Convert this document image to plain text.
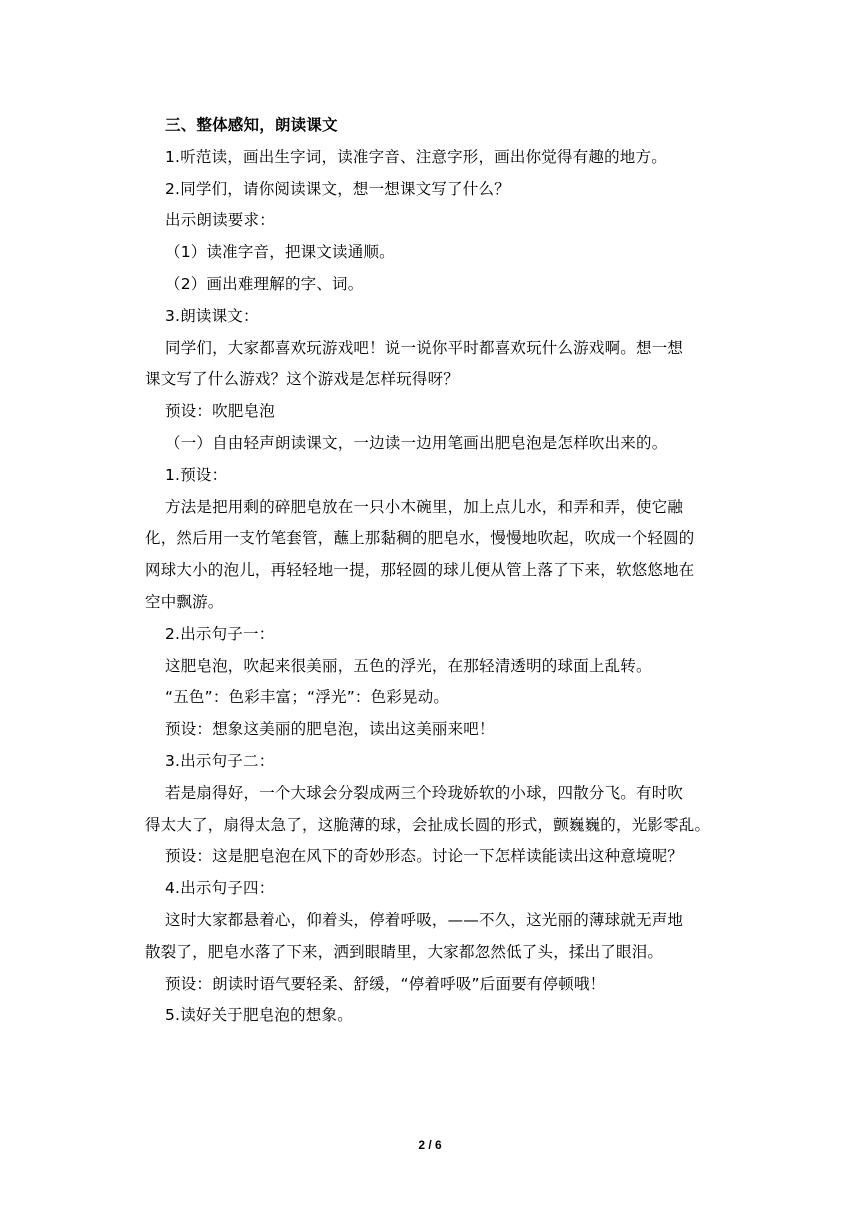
三、整体感知，朗读课文
1.听范读，画出生字词，读准字音、注意字形，画出你觉得有趣的地方。
2.同学们，请你阅读课文，想一想课文写了什么？
出示朗读要求：
（1）读准字音，把课文读通顺。
（2）画出难理解的字、词。
3.朗读课文：
同学们，大家都喜欢玩游戏吧！说一说你平时都喜欢玩什么游戏啊。想一想
课文写了什么游戏？这个游戏是怎样玩得呀？
预设：吹肥皂泡
（一）自由轻声朗读课文，一边读一边用笔画出肥皂泡是怎样吹出来的。
1.预设：
方法是把用剩的碎肥皂放在一只小木碗里，加上点儿水，和弄和弄，使它融
化，然后用一支竹笔套管，蘸上那黏稠的肥皂水，慢慢地吹起，吹成一个轻圆的
网球大小的泡儿，再轻轻地一提，那轻圆的球儿便从管上落了下来，软悠悠地在
空中飘游。
2.出示句子一：
这肥皂泡，吹起来很美丽，五色的浮光，在那轻清透明的球面上乱转。
“五色”：色彩丰富；“浮光”：色彩晃动。
预设：想象这美丽的肥皂泡，读出这美丽来吧！
3.出示句子二：
若是扇得好，一个大球会分裂成两三个玲珑娇软的小球，四散分飞。有时吹
得太大了，扇得太急了，这脆薄的球，会扯成长圆的形式，颤巍巍的，光影零乱。
预设：这是肥皂泡在风下的奇妙形态。讨论一下怎样读能读出这种意境呢？
4.出示句子四：
这时大家都悬着心，仰着头，停着呼吸，——不久，这光丽的薄球就无声地
散裂了，肥皂水落了下来，洒到眼睛里，大家都忽然低了头，揉出了眼泪。
预设：朗读时语气要轻柔、舒缓，“停着呼吸”后面要有停顿哦！
5.读好关于肥皂泡的想象。
2 / 6
